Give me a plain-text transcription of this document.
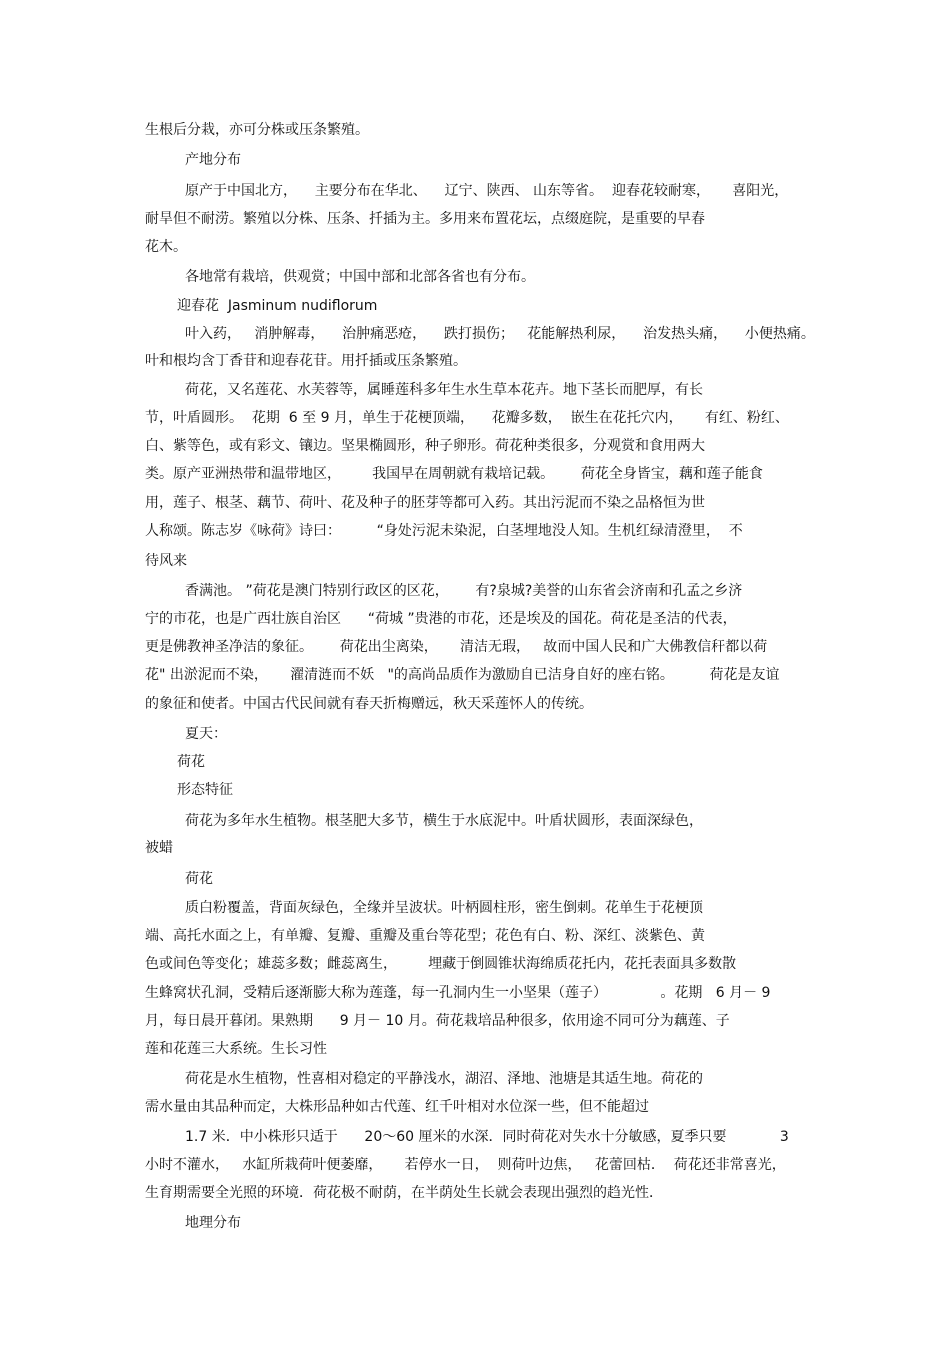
生根后分栽，亦可分株或压条繁殖。
产地分布
原产于中国北方，    主要分布在华北、    辽宁、陕西、 山东等省。  迎春花较耐寒，     喜阳光，
耐旱但不耐涝。繁殖以分株、压条、扦插为主。多用来布置花坛，点缀庭院，是重要的早春
花木。
各地常有栽培，供观赏；中国中部和北部各省也有分布。
迎春花  Jasminum nudiflorum
叶入药，   消肿解毒，    治肿痛恶疮，    跌打损伤；   花能解热利尿，    治发热头痛，    小便热痛。
叶和根均含丁香苷和迎春花苷。用扦插或压条繁殖。
荷花，又名莲花、水芙蓉等，属睡莲科多年生水生草本花卉。地下茎长而肥厚，有长
节，叶盾圆形。  花期  6 至 9 月，单生于花梗顶端，    花瓣多数，  嵌生在花托穴内，     有红、粉红、
白、紫等色，或有彩文、镶边。坚果椭圆形，种子卵形。荷花种类很多，分观赏和食用两大
类。原产亚洲热带和温带地区，       我国早在周朝就有栽培记载。      荷花全身皆宝，藕和莲子能食
用，莲子、根茎、藕节、荷叶、花及种子的胚芽等都可入药。其出污泥而不染之品格恒为世
人称颂。陈志岁《咏荷》诗曰：        “身处污泥未染泥，白茎埋地没人知。生机红绿清澄里，  不
待风来
香满池。 ”荷花是澳门特别行政区的区花，      有?泉城?美誉的山东省会济南和孔孟之乡济
宁的市花，也是广西壮族自治区      “荷城 ”贵港的市花，还是埃及的国花。荷花是圣洁的代表，
更是佛教神圣净洁的象征。      荷花出尘离染，     清洁无瑕，   故而中国人民和广大佛教信秆都以荷
花" 出淤泥而不染，     濯清涟而不妖   "的高尚品质作为激励自已洁身自好的座右铭。        荷花是友谊
的象征和使者。中国古代民间就有春天折梅赠远，秋天采莲怀人的传统。
夏天：
荷花
形态特征
荷花为多年水生植物。根茎肥大多节，横生于水底泥中。叶盾状圆形，表面深绿色，
被蜡
荷花
质白粉覆盖，背面灰绿色，全缘并呈波状。叶柄圆柱形，密生倒刺。花单生于花梗顶
端、高托水面之上，有单瓣、复瓣、重瓣及重台等花型；花色有白、粉、深红、淡紫色、黄
色或间色等变化；雄蕊多数；雌蕊离生，       埋藏于倒圆锥状海绵质花托内，花托表面具多数散
生蜂窝状孔洞，受精后逐渐膨大称为莲蓬，每一孔洞内生一小坚果（莲子）            。花期   6 月－ 9
月，每日晨开暮闭。果熟期      9 月－ 10 月。荷花栽培品种很多，依用途不同可分为藕莲、子
莲和花莲三大系统。生长习性
荷花是水生植物，性喜相对稳定的平静浅水，湖沼、泽地、池塘是其适生地。荷花的
需水量由其品种而定，大株形品种如古代莲、红千叶相对水位深一些，但不能超过
1.7 米．中小株形只适于      20～60 厘米的水深．同时荷花对失水十分敏感，夏季只要            3
小时不灌水，   水缸所栽荷叶便萎靡，     若停水一日，  则荷叶边焦，   花蕾回枯．  荷花还非常喜光，
生育期需要全光照的环境．荷花极不耐荫，在半荫处生长就会表现出强烈的趋光性．
地理分布
